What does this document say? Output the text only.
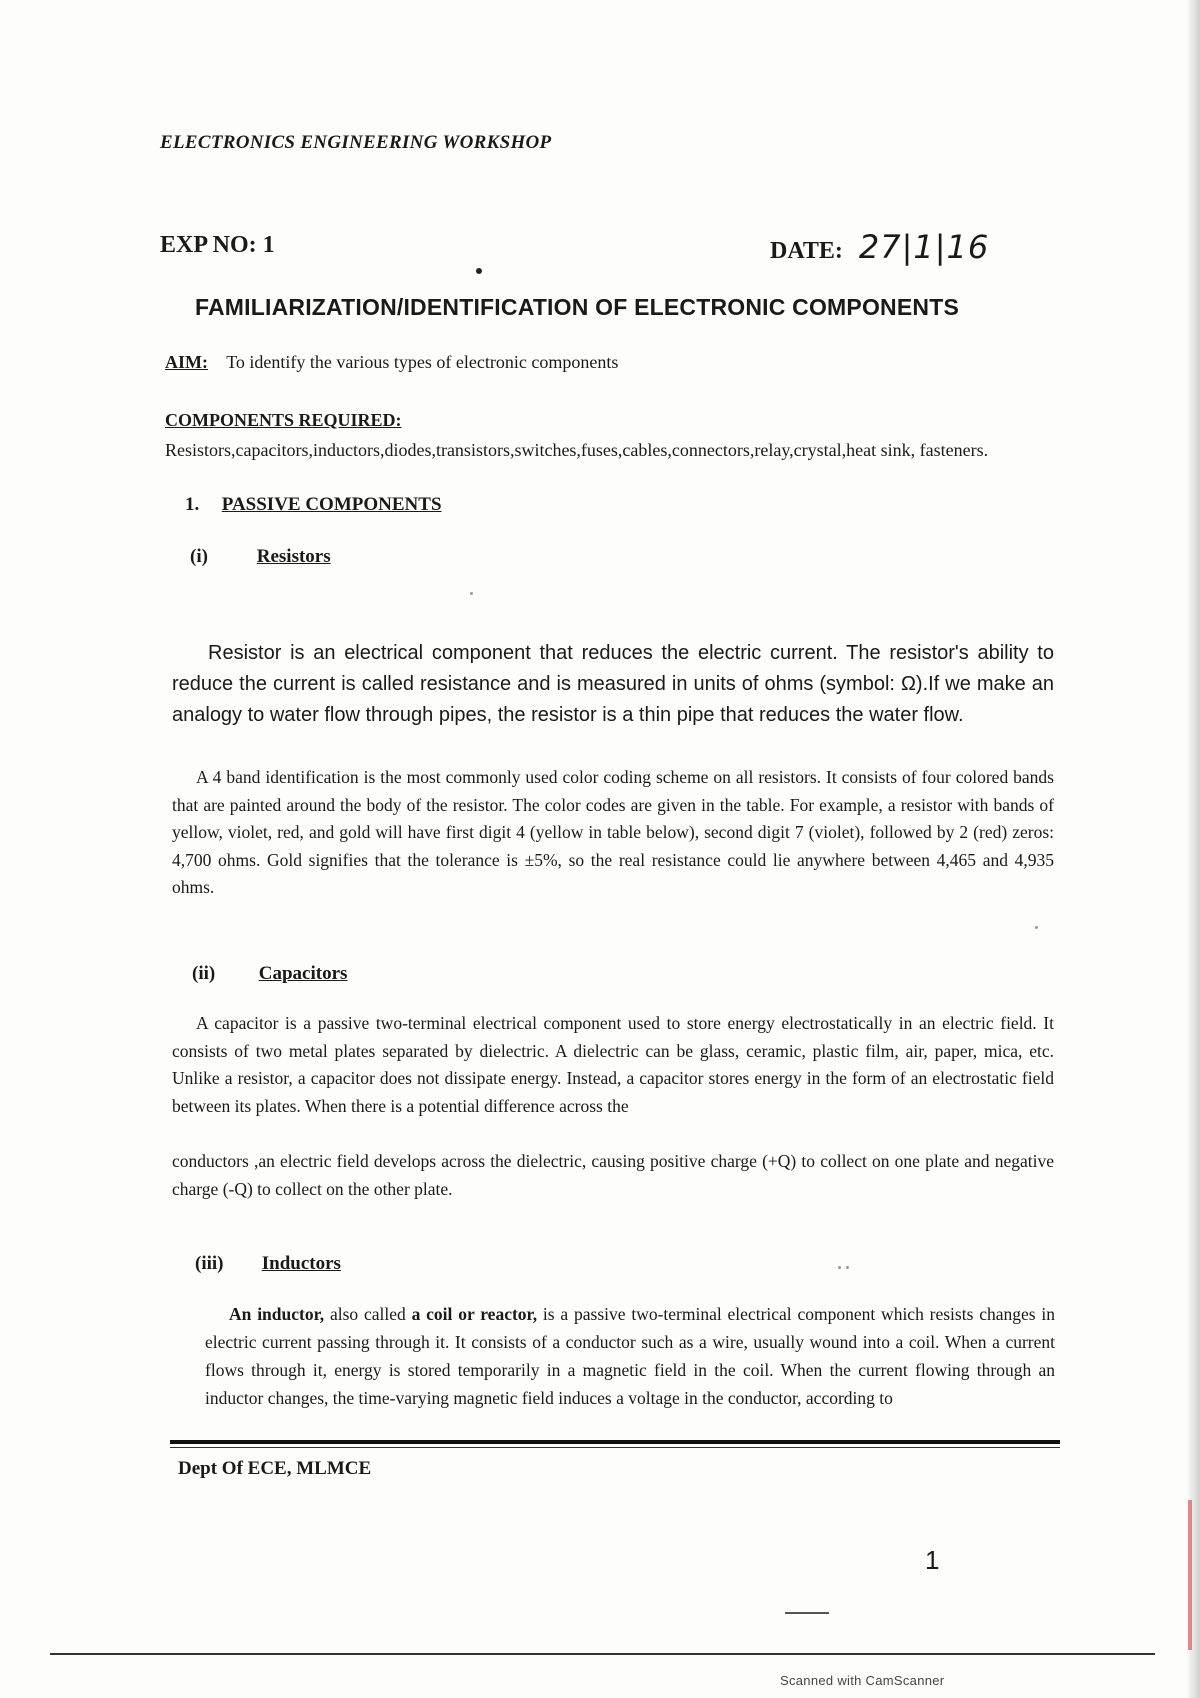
ELECTRONICS ENGINEERING WORKSHOP
EXP NO: 1	DATE: 27|1|16
FAMILIARIZATION/IDENTIFICATION OF ELECTRONIC COMPONENTS
AIM: To identify the various types of electronic components
COMPONENTS REQUIRED:
Resistors,capacitors,inductors,diodes,transistors,switches,fuses,cables,connectors,relay,crystal,heat sink, fasteners.
1. PASSIVE COMPONENTS
(i)	Resistors
Resistor is an electrical component that reduces the electric current. The resistor's ability to reduce the current is called resistance and is measured in units of ohms (symbol: Ω).If we make an analogy to water flow through pipes, the resistor is a thin pipe that reduces the water flow.
A 4 band identification is the most commonly used color coding scheme on all resistors. It consists of four colored bands that are painted around the body of the resistor. The color codes are given in the table. For example, a resistor with bands of yellow, violet, red, and gold will have first digit 4 (yellow in table below), second digit 7 (violet), followed by 2 (red) zeros: 4,700 ohms. Gold signifies that the tolerance is ±5%, so the real resistance could lie anywhere between 4,465 and 4,935 ohms.
(ii) Capacitors
A capacitor is a passive two-terminal electrical component used to store energy electrostatically in an electric field. It consists of two metal plates separated by dielectric. A dielectric can be glass, ceramic, plastic film, air, paper, mica, etc. Unlike a resistor, a capacitor does not dissipate energy. Instead, a capacitor stores energy in the form of an electrostatic field between its plates. When there is a potential difference across the
conductors ,an electric field develops across the dielectric, causing positive charge (+Q) to collect on one plate and negative charge (-Q) to collect on the other plate.
(iii) Inductors
An inductor, also called a coil or reactor, is a passive two-terminal electrical component which resists changes in electric current passing through it. It consists of a conductor such as a wire, usually wound into a coil. When a current flows through it, energy is stored temporarily in a magnetic field in the coil. When the current flowing through an inductor changes, the time-varying magnetic field induces a voltage in the conductor, according to
Dept Of ECE, MLMCE
1
Scanned with CamScanner
